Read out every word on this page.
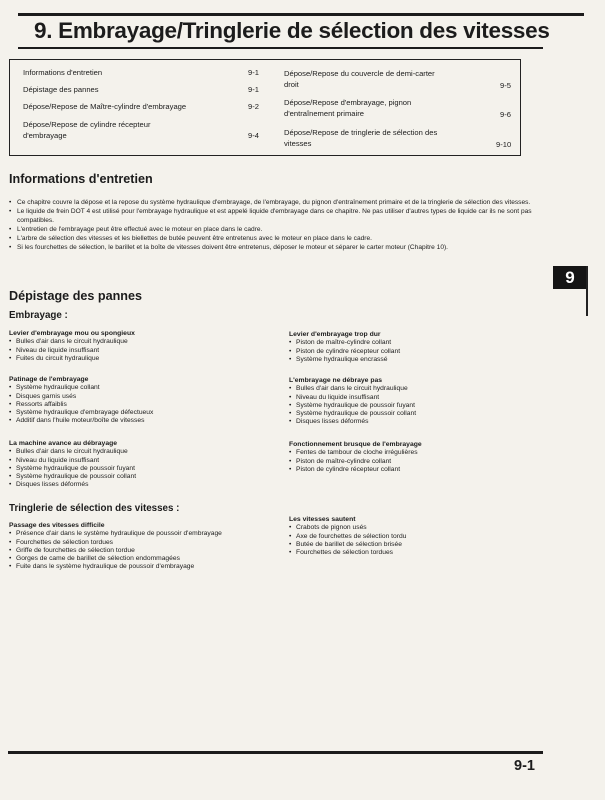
9. Embrayage/Tringlerie de sélection des vitesses
Informations d'entretien	9-1
Dépistage des pannes	9-1
Dépose/Repose de Maître-cylindre d'embrayage	9-2
Dépose/Repose de cylindre récepteur
d'embrayage	9-4
Dépose/Repose du couvercle de demi-carter
droit	9-5
Dépose/Repose d'embrayage, pignon
d'entraînement primaire	9-6
Dépose/Repose de tringlerie de sélection des
vitesses	9-10
Informations d'entretien
• Ce chapitre couvre la dépose et la repose du système hydraulique d'embrayage, de l'embrayage, du pignon d'entraînement primaire et de la tringlerie de sélection des vitesses.
• Le liquide de frein DOT 4 est utilisé pour l'embrayage hydraulique et est appelé liquide d'embrayage dans ce chapitre. Ne pas utiliser d'autres types de liquide car ils ne sont pas compatibles.
• L'entretien de l'embrayage peut être effectué avec le moteur en place dans le cadre.
• L'arbre de sélection des vitesses et les biellettes de butée peuvent être entretenus avec le moteur en place dans le cadre.
• Si les fourchettes de sélection, le barillet et la boîte de vitesses doivent être entretenus, déposer le moteur et séparer le carter moteur (Chapitre 10).
9
Dépistage des pannes
Embrayage :
Levier d'embrayage mou ou spongieux
• Bulles d'air dans le circuit hydraulique
• Niveau de liquide insuffisant
• Fuites du circuit hydraulique
Patinage de l'embrayage
• Système hydraulique collant
• Disques garnis usés
• Ressorts affaiblis
• Système hydraulique d'embrayage défectueux
• Additif dans l'huile moteur/boîte de vitesses
La machine avance au débrayage
• Bulles d'air dans le circuit hydraulique
• Niveau du liquide insuffisant
• Système hydraulique de poussoir fuyant
• Système hydraulique de poussoir collant
• Disques lisses déformés
Levier d'embrayage trop dur
• Piston de maître-cylindre collant
• Piston de cylindre récepteur collant
• Système hydraulique encrassé
L'embrayage ne débraye pas
• Bulles d'air dans le circuit hydraulique
• Niveau du liquide insuffisant
• Système hydraulique de poussoir fuyant
• Système hydraulique de poussoir collant
• Disques lisses déformés
Fonctionnement brusque de l'embrayage
• Fentes de tambour de cloche irrégulières
• Piston de maître-cylindre collant
• Piston de cylindre récepteur collant
Tringlerie de sélection des vitesses :
Passage des vitesses difficile
• Présence d'air dans le système hydraulique de poussoir d'embrayage
• Fourchettes de sélection tordues
• Griffe de fourchettes de sélection tordue
• Gorges de came de barillet de sélection endommagées
• Fuite dans le système hydraulique de poussoir d'embrayage
Les vitesses sautent
• Crabots de pignon usés
• Axe de fourchettes de sélection tordu
• Butée de barillet de sélection brisée
• Fourchettes de sélection tordues
9-1
